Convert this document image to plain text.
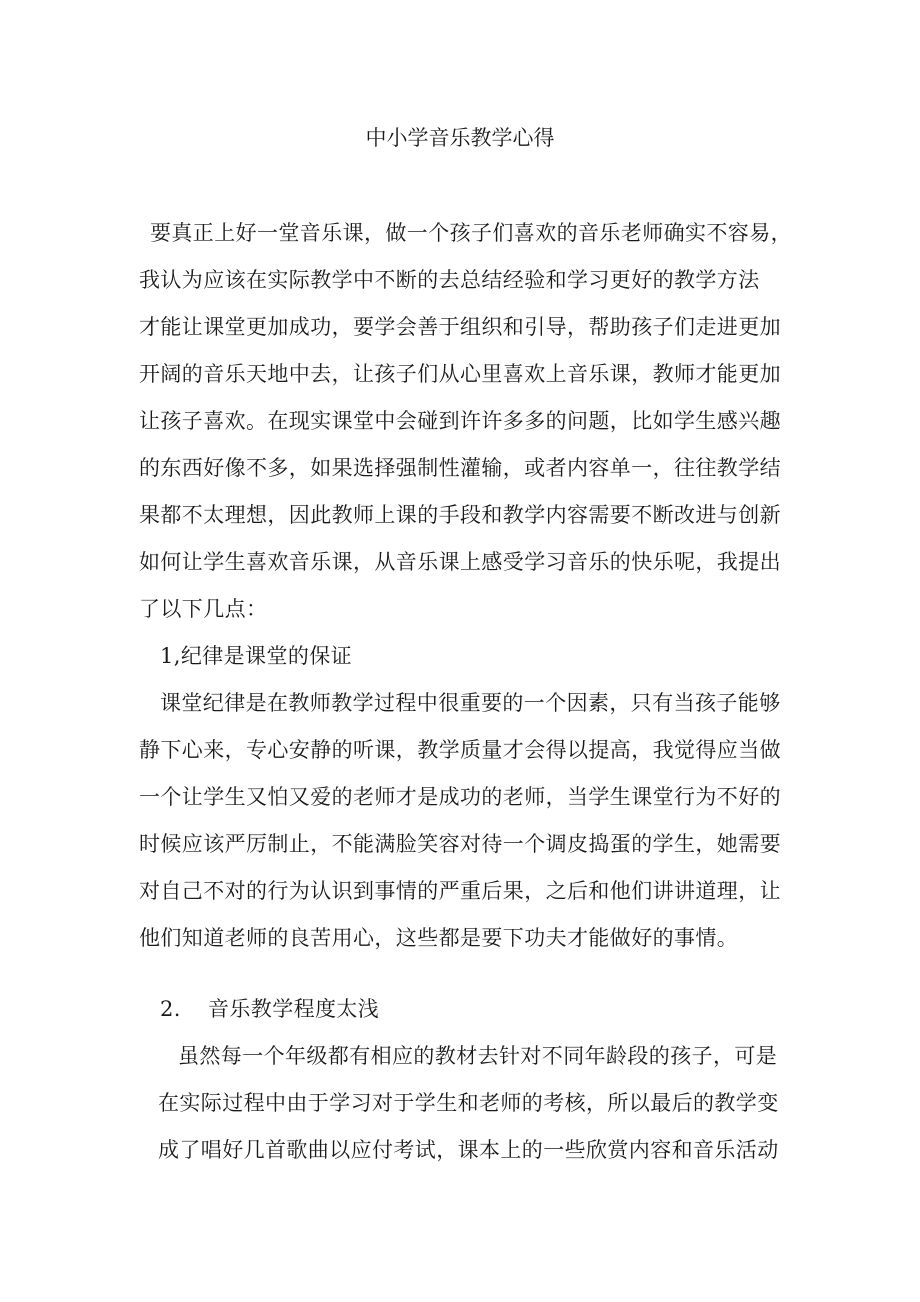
中小学音乐教学心得
要真正上好一堂音乐课，做一个孩子们喜欢的音乐老师确实不容易，
我认为应该在实际教学中不断的去总结经验和学习更好的教学方法
才能让课堂更加成功，要学会善于组织和引导，帮助孩子们走进更加
开阔的音乐天地中去，让孩子们从心里喜欢上音乐课，教师才能更加
让孩子喜欢。在现实课堂中会碰到许许多多的问题，比如学生感兴趣
的东西好像不多，如果选择强制性灌输，或者内容单一，往往教学结
果都不太理想，因此教师上课的手段和教学内容需要不断改进与创新
如何让学生喜欢音乐课，从音乐课上感受学习音乐的快乐呢，我提出
了以下几点：
1,纪律是课堂的保证
课堂纪律是在教师教学过程中很重要的一个因素，只有当孩子能够
静下心来，专心安静的听课，教学质量才会得以提高，我觉得应当做
一个让学生又怕又爱的老师才是成功的老师，当学生课堂行为不好的
时候应该严厉制止，不能满脸笑容对待一个调皮捣蛋的学生，她需要
对自己不对的行为认识到事情的严重后果，之后和他们讲讲道理，让
他们知道老师的良苦用心，这些都是要下功夫才能做好的事情。
2. 音乐教学程度太浅
虽然每一个年级都有相应的教材去针对不同年龄段的孩子，可是
在实际过程中由于学习对于学生和老师的考核，所以最后的教学变
成了唱好几首歌曲以应付考试，课本上的一些欣赏内容和音乐活动
